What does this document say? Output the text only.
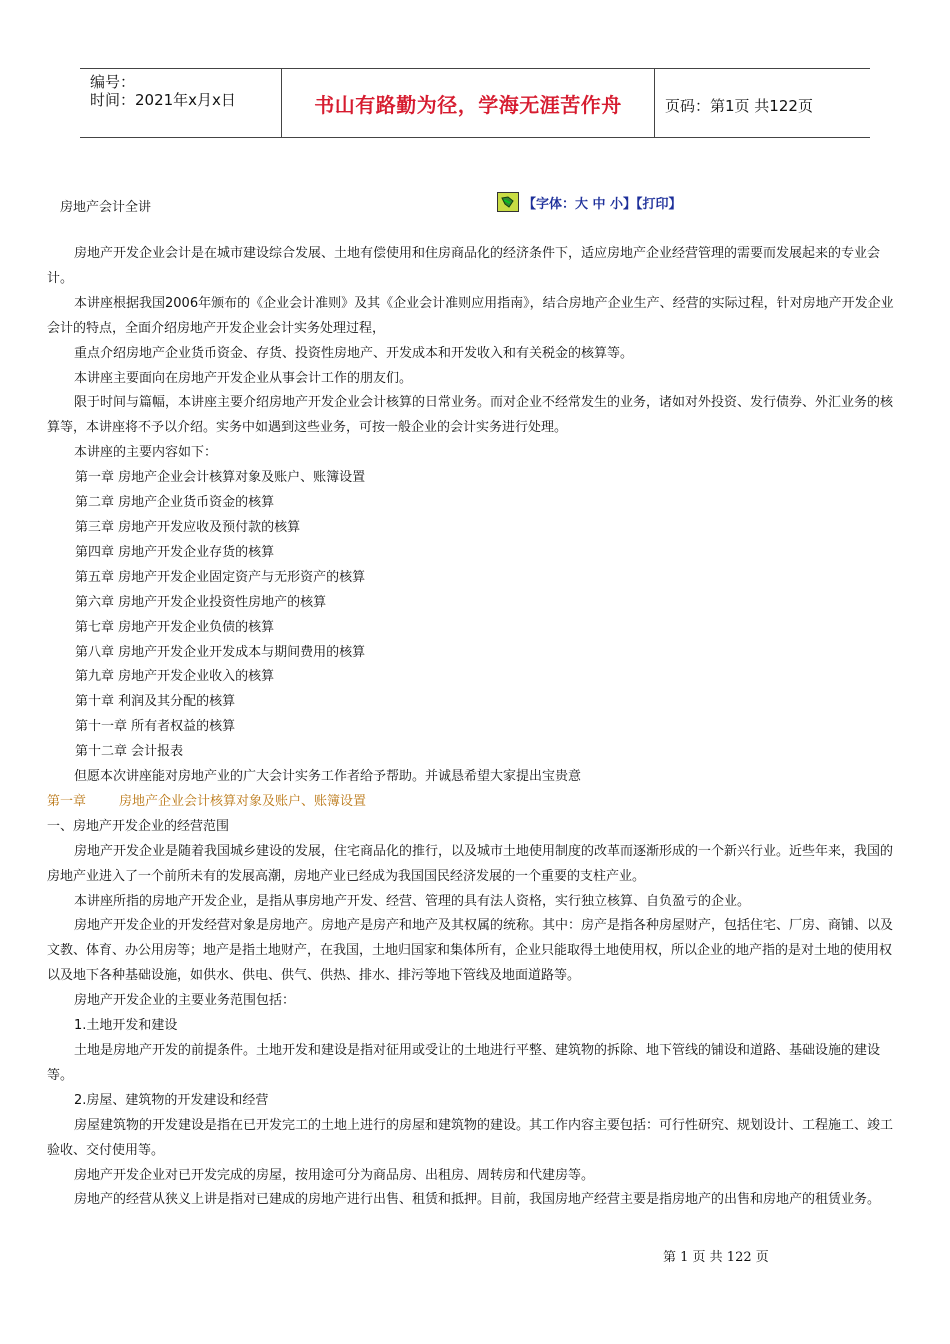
编号：
时间：2021年x月x日	书山有路勤为径，学海无涯苦作舟	页码：第1页 共122页
房地产会计全讲	【字体：大 中 小】【打印】

房地产开发企业会计是在城市建设综合发展、土地有偿使用和住房商品化的经济条件下，适应房地产企业经营管理的需要而发展起来的专业会计。

本讲座根据我国2006年颁布的《企业会计准则》及其《企业会计准则应用指南》，结合房地产企业生产、经营的实际过程，针对房地产开发企业会计的特点，全面介绍房地产开发企业会计实务处理过程，

重点介绍房地产企业货币资金、存货、投资性房地产、开发成本和开发收入和有关税金的核算等。

本讲座主要面向在房地产开发企业从事会计工作的朋友们。

限于时间与篇幅，本讲座主要介绍房地产开发企业会计核算的日常业务。而对企业不经常发生的业务，诸如对外投资、发行债券、外汇业务的核算等，本讲座将不予以介绍。实务中如遇到这些业务，可按一般企业的会计实务进行处理。

本讲座的主要内容如下：

第一章 房地产企业会计核算对象及账户、账簿设置

第二章 房地产企业货币资金的核算

第三章 房地产开发应收及预付款的核算

第四章 房地产开发企业存货的核算

第五章 房地产开发企业固定资产与无形资产的核算

第六章 房地产开发企业投资性房地产的核算

第七章 房地产开发企业负债的核算

第八章 房地产开发企业开发成本与期间费用的核算

第九章 房地产开发企业收入的核算

第十章 利润及其分配的核算

第十一章 所有者权益的核算

第十二章 会计报表

但愿本次讲座能对房地产业的广大会计实务工作者给予帮助。并诚恳希望大家提出宝贵意

第一章	房地产企业会计核算对象及账户、账簿设置

一、房地产开发企业的经营范围

房地产开发企业是随着我国城乡建设的发展，住宅商品化的推行，以及城市土地使用制度的改革而逐渐形成的一个新兴行业。近些年来，我国的房地产业进入了一个前所未有的发展高潮，房地产业已经成为我国国民经济发展的一个重要的支柱产业。

本讲座所指的房地产开发企业，是指从事房地产开发、经营、管理的具有法人资格，实行独立核算、自负盈亏的企业。

房地产开发企业的开发经营对象是房地产。房地产是房产和地产及其权属的统称。其中：房产是指各种房屋财产，包括住宅、厂房、商铺、以及文教、体育、办公用房等；地产是指土地财产，在我国，土地归国家和集体所有，企业只能取得土地使用权，所以企业的地产指的是对土地的使用权以及地下各种基础设施，如供水、供电、供气、供热、排水、排污等地下管线及地面道路等。

房地产开发企业的主要业务范围包括：

1.土地开发和建设

土地是房地产开发的前提条件。土地开发和建设是指对征用或受让的土地进行平整、建筑物的拆除、地下管线的铺设和道路、基础设施的建设等。

2.房屋、建筑物的开发建设和经营

房屋建筑物的开发建设是指在已开发完工的土地上进行的房屋和建筑物的建设。其工作内容主要包括：可行性研究、规划设计、工程施工、竣工验收、交付使用等。

房地产开发企业对已开发完成的房屋，按用途可分为商品房、出租房、周转房和代建房等。

房地产的经营从狭义上讲是指对已建成的房地产进行出售、租赁和抵押。目前，我国房地产经营主要是指房地产的出售和房地产的租赁业务。

第 1 页 共 122 页
